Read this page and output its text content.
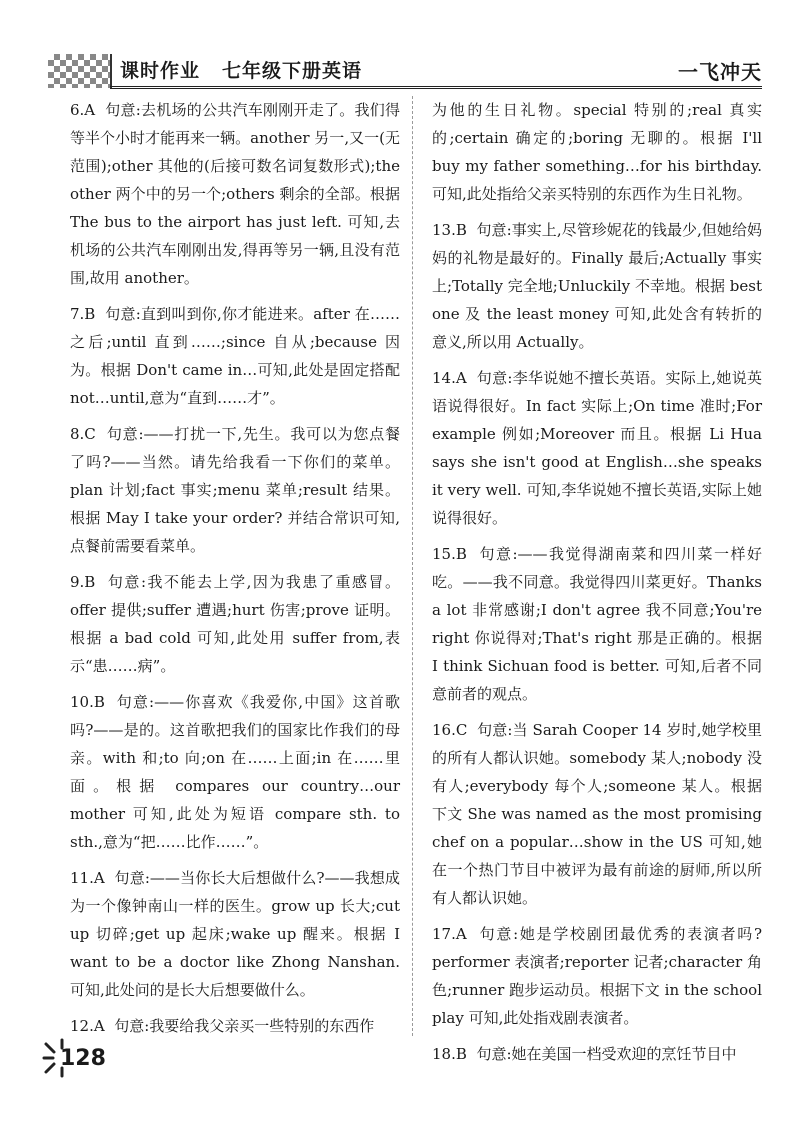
课时作业 七年级下册英语	一飞冲天
6.A 句意:去机场的公共汽车刚刚开走了。我们得等半个小时才能再来一辆。another 另一,又一(无范围);other 其他的(后接可数名词复数形式);the other 两个中的另一个;others 剩余的全部。根据 The bus to the airport has just left. 可知,去机场的公共汽车刚刚出发,得再等另一辆,且没有范围,故用 another。
7.B 句意:直到叫到你,你才能进来。after 在……之后;until 直到……;since 自从;because 因为。根据 Don't came in…可知,此处是固定搭配 not…until,意为“直到……才”。
8.C 句意:——打扰一下,先生。我可以为您点餐了吗?——当然。请先给我看一下你们的菜单。plan 计划;fact 事实;menu 菜单;result 结果。根据 May I take your order? 并结合常识可知,点餐前需要看菜单。
9.B 句意:我不能去上学,因为我患了重感冒。offer 提供;suffer 遭遇;hurt 伤害;prove 证明。根据 a bad cold 可知,此处用 suffer from,表示“患……病”。
10.B 句意:——你喜欢《我爱你,中国》这首歌吗?——是的。这首歌把我们的国家比作我们的母亲。with 和;to 向;on 在……上面;in 在……里面。根据 compares our country…our mother 可知,此处为短语 compare sth. to sth.,意为“把……比作……”。
11.A 句意:——当你长大后想做什么?——我想成为一个像钟南山一样的医生。grow up 长大;cut up 切碎;get up 起床;wake up 醒来。根据 I want to be a doctor like Zhong Nanshan. 可知,此处问的是长大后想要做什么。
12.A 句意:我要给我父亲买一些特别的东西作
为他的生日礼物。special 特别的;real 真实的;certain 确定的;boring 无聊的。根据 I'll buy my father something…for his birthday. 可知,此处指给父亲买特别的东西作为生日礼物。
13.B 句意:事实上,尽管珍妮花的钱最少,但她给妈妈的礼物是最好的。Finally 最后;Actually 事实上;Totally 完全地;Unluckily 不幸地。根据 best one 及 the least money 可知,此处含有转折的意义,所以用 Actually。
14.A 句意:李华说她不擅长英语。实际上,她说英语说得很好。In fact 实际上;On time 准时;For example 例如;Moreover 而且。根据 Li Hua says she isn't good at English…she speaks it very well. 可知,李华说她不擅长英语,实际上她说得很好。
15.B 句意:——我觉得湖南菜和四川菜一样好吃。——我不同意。我觉得四川菜更好。Thanks a lot 非常感谢;I don't agree 我不同意;You're right 你说得对;That's right 那是正确的。根据 I think Sichuan food is better. 可知,后者不同意前者的观点。
16.C 句意:当 Sarah Cooper 14 岁时,她学校里的所有人都认识她。somebody 某人;nobody 没有人;everybody 每个人;someone 某人。根据下文 She was named as the most promising chef on a popular…show in the US 可知,她在一个热门节目中被评为最有前途的厨师,所以所有人都认识她。
17.A 句意:她是学校剧团最优秀的表演者吗?performer 表演者;reporter 记者;character 角色;runner 跑步运动员。根据下文 in the school play 可知,此处指戏剧表演者。
18.B 句意:她在美国一档受欢迎的烹饪节目中
128
